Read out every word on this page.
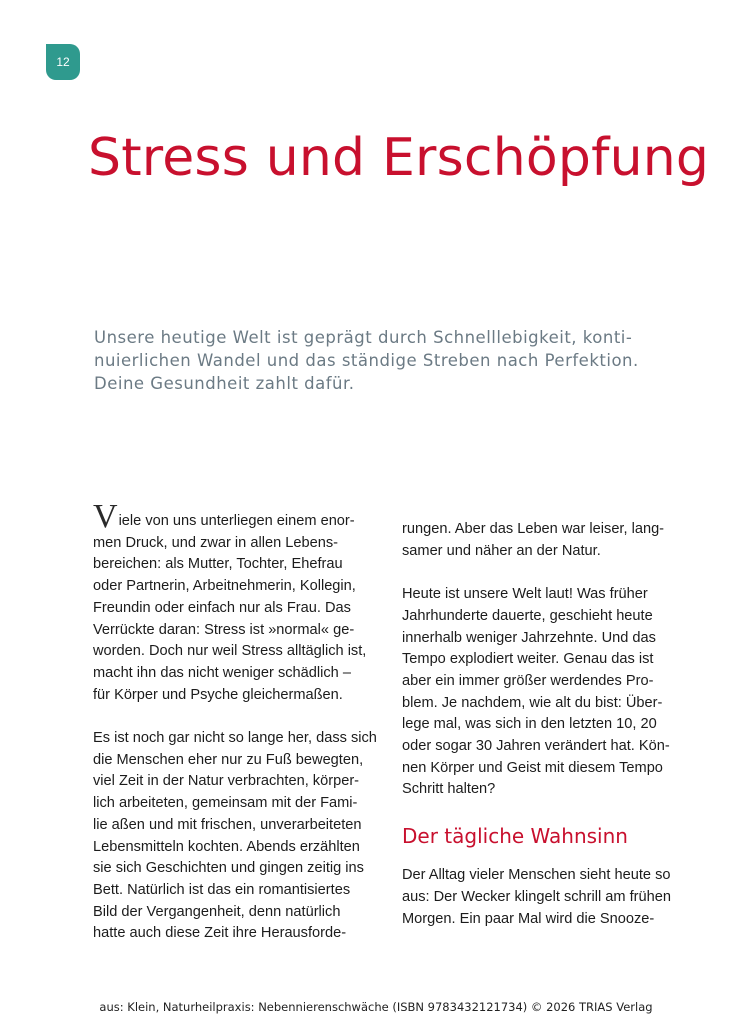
12
Stress und Erschöpfung

Unsere heutige Welt ist geprägt durch Schnelllebigkeit, konti-
nuierlichen Wandel und das ständige Streben nach Perfektion.
Deine Gesundheit zahlt dafür.

Viele von uns unterliegen einem enor-
men Druck, und zwar in allen Lebens-
bereichen: als Mutter, Tochter, Ehefrau
oder Partnerin, Arbeitnehmerin, Kollegin,
Freundin oder einfach nur als Frau. Das
Verrückte daran: Stress ist »normal« ge-
worden. Doch nur weil Stress alltäglich ist,
macht ihn das nicht weniger schädlich –
für Körper und Psyche gleichermaßen.
Es ist noch gar nicht so lange her, dass sich
die Menschen eher nur zu Fuß bewegten,
viel Zeit in der Natur verbrachten, körper-
lich arbeiteten, gemeinsam mit der Fami-
lie aßen und mit frischen, unverarbeiteten
Lebensmitteln kochten. Abends erzählten
sie sich Geschichten und gingen zeitig ins
Bett. Natürlich ist das ein romantisiertes
Bild der Vergangenheit, denn natürlich
hatte auch diese Zeit ihre Herausforde-
rungen. Aber das Leben war leiser, lang-
samer und näher an der Natur.
Heute ist unsere Welt laut! Was früher
Jahrhunderte dauerte, geschieht heute
innerhalb weniger Jahrzehnte. Und das
Tempo explodiert weiter. Genau das ist
aber ein immer größer werdendes Pro-
blem. Je nachdem, wie alt du bist: Über-
lege mal, was sich in den letzten 10, 20
oder sogar 30 Jahren verändert hat. Kön-
nen Körper und Geist mit diesem Tempo
Schritt halten?
Der tägliche Wahnsinn
Der Alltag vieler Menschen sieht heute so
aus: Der Wecker klingelt schrill am frühen
Morgen. Ein paar Mal wird die Snooze-
aus: Klein, Naturheilpraxis: Nebennierenschwäche (ISBN 9783432121734) © 2026 TRIAS Verlag
